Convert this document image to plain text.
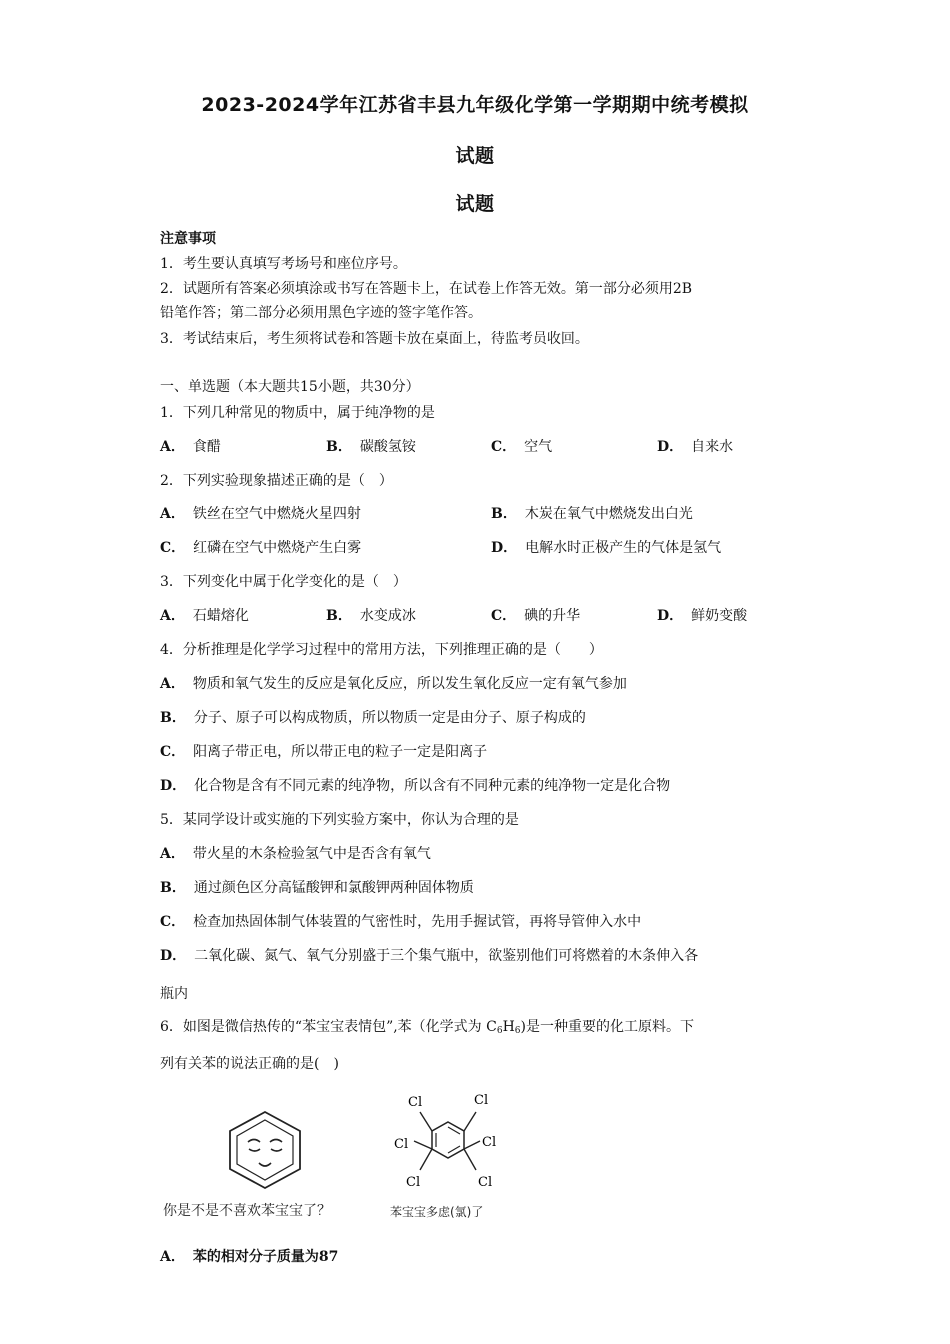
2023-2024学年江苏省丰县九年级化学第一学期期中统考模拟
试题
试题
注意事项
1．考生要认真填写考场号和座位序号。
2．试题所有答案必须填涂或书写在答题卡上，在试卷上作答无效。第一部分必须用2B
铅笔作答；第二部分必须用黑色字迹的签字笔作答。
3．考试结束后，考生须将试卷和答题卡放在桌面上，待监考员收回。
一、单选题（本大题共15小题，共30分）
1．下列几种常见的物质中，属于纯净物的是
A． 食醋	B． 碳酸氢铵	C． 空气	D． 自来水
2．下列实验现象描述正确的是（　）
A． 铁丝在空气中燃烧火星四射	B． 木炭在氧气中燃烧发出白光
C． 红磷在空气中燃烧产生白雾	D． 电解水时正极产生的气体是氢气
3．下列变化中属于化学变化的是（　）
A． 石蜡熔化	B． 水变成冰	C． 碘的升华	D． 鲜奶变酸
4．分析推理是化学学习过程中的常用方法，下列推理正确的是（　　）
A． 物质和氧气发生的反应是氧化反应，所以发生氧化反应一定有氧气参加
B． 分子、原子可以构成物质，所以物质一定是由分子、原子构成的
C． 阳离子带正电，所以带正电的粒子一定是阳离子
D． 化合物是含有不同元素的纯净物，所以含有不同种元素的纯净物一定是化合物
5．某同学设计或实施的下列实验方案中，你认为合理的是
A． 带火星的木条检验氢气中是否含有氧气
B． 通过颜色区分高锰酸钾和氯酸钾两种固体物质
C． 检查加热固体制气体装置的气密性时，先用手握试管，再将导管伸入水中
D． 二氧化碳、氮气、氧气分别盛于三个集气瓶中，欲鉴别他们可将燃着的木条伸入各
瓶内
6．如图是微信热传的“苯宝宝表情包”,苯（化学式为 $C_6H_6$)是一种重要的化工原料。下
列有关苯的说法正确的是(　)
你是不是不喜欢苯宝宝了？
Cl	Cl
Cl	Cl
Cl	Cl
苯宝宝多虑(氯)了
A． 苯的相对分子质量为87
